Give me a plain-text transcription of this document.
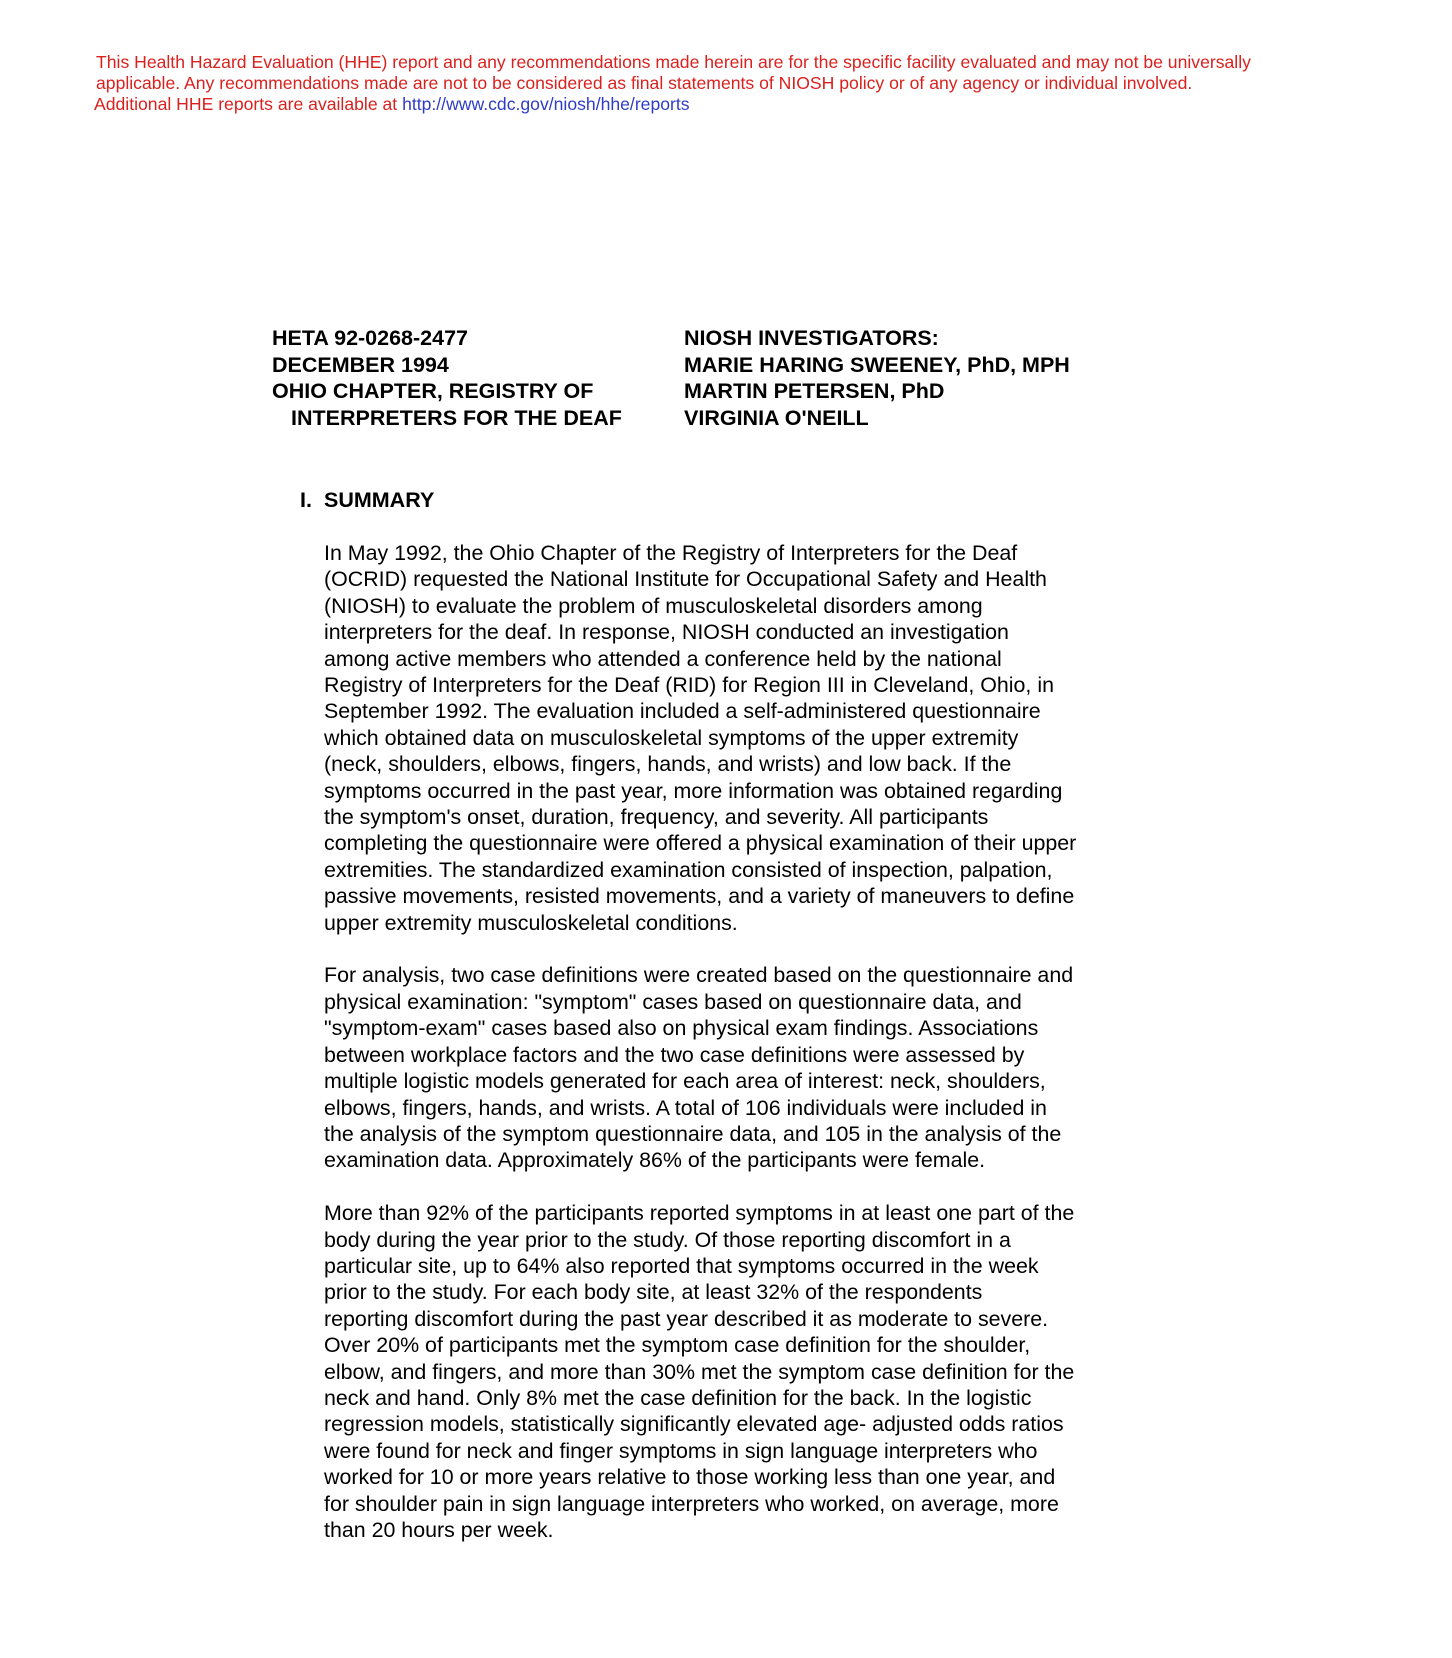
This Health Hazard Evaluation (HHE) report and any recommendations made herein are for the specific facility evaluated and may not be universally
applicable. Any recommendations made are not to be considered as final statements of NIOSH policy or of any agency or individual involved.
Additional HHE reports are available at http://www.cdc.gov/niosh/hhe/reports
HETA 92-0268-2477
DECEMBER 1994
OHIO CHAPTER, REGISTRY OF
INTERPRETERS FOR THE DEAF
NIOSH INVESTIGATORS:
MARIE HARING SWEENEY, PhD, MPH
MARTIN PETERSEN, PhD
VIRGINIA O'NEILL
I. SUMMARY

In May 1992, the Ohio Chapter of the Registry of Interpreters for the Deaf
(OCRID) requested the National Institute for Occupational Safety and Health
(NIOSH) to evaluate the problem of musculoskeletal disorders among
interpreters for the deaf. In response, NIOSH conducted an investigation
among active members who attended a conference held by the national
Registry of Interpreters for the Deaf (RID) for Region III in Cleveland, Ohio, in
September 1992. The evaluation included a self-administered questionnaire
which obtained data on musculoskeletal symptoms of the upper extremity
(neck, shoulders, elbows, fingers, hands, and wrists) and low back. If the
symptoms occurred in the past year, more information was obtained regarding
the symptom's onset, duration, frequency, and severity. All participants
completing the questionnaire were offered a physical examination of their upper
extremities. The standardized examination consisted of inspection, palpation,
passive movements, resisted movements, and a variety of maneuvers to define
upper extremity musculoskeletal conditions.

For analysis, two case definitions were created based on the questionnaire and
physical examination: "symptom" cases based on questionnaire data, and
"symptom-exam" cases based also on physical exam findings. Associations
between workplace factors and the two case definitions were assessed by
multiple logistic models generated for each area of interest: neck, shoulders,
elbows, fingers, hands, and wrists. A total of 106 individuals were included in
the analysis of the symptom questionnaire data, and 105 in the analysis of the
examination data. Approximately 86% of the participants were female.

More than 92% of the participants reported symptoms in at least one part of the
body during the year prior to the study. Of those reporting discomfort in a
particular site, up to 64% also reported that symptoms occurred in the week
prior to the study. For each body site, at least 32% of the respondents
reporting discomfort during the past year described it as moderate to severe.
Over 20% of participants met the symptom case definition for the shoulder,
elbow, and fingers, and more than 30% met the symptom case definition for the
neck and hand. Only 8% met the case definition for the back. In the logistic
regression models, statistically significantly elevated age- adjusted odds ratios
were found for neck and finger symptoms in sign language interpreters who
worked for 10 or more years relative to those working less than one year, and
for shoulder pain in sign language interpreters who worked, on average, more
than 20 hours per week.
